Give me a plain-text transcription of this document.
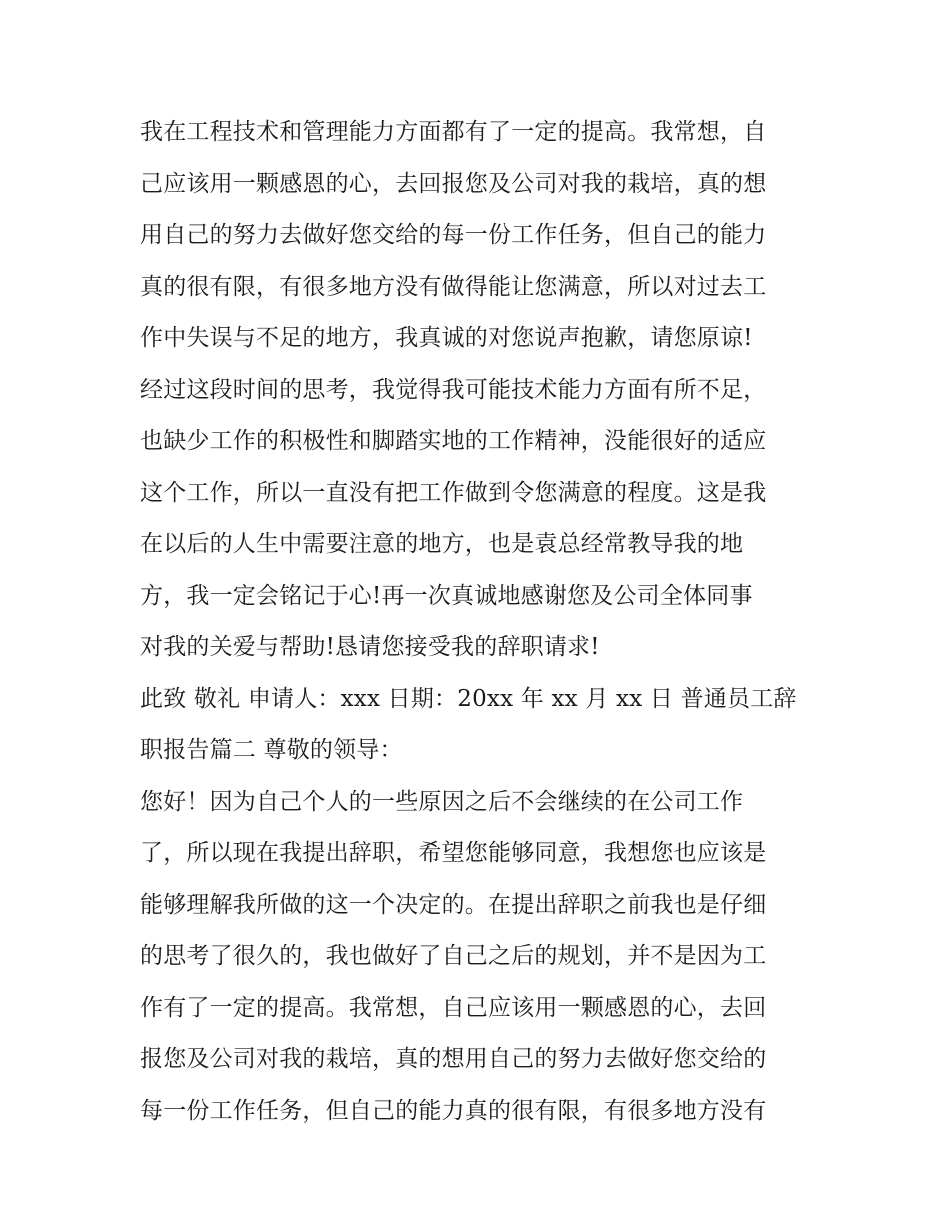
我在工程技术和管理能力方面都有了一定的提高。我常想，自
己应该用一颗感恩的心，去回报您及公司对我的栽培，真的想
用自己的努力去做好您交给的每一份工作任务，但自己的能力
真的很有限，有很多地方没有做得能让您满意，所以对过去工
作中失误与不足的地方，我真诚的对您说声抱歉，请您原谅!
经过这段时间的思考，我觉得我可能技术能力方面有所不足，
也缺少工作的积极性和脚踏实地的工作精神，没能很好的适应
这个工作，所以一直没有把工作做到令您满意的程度。这是我
在以后的人生中需要注意的地方，也是袁总经常教导我的地
方，我一定会铭记于心!再一次真诚地感谢您及公司全体同事
对我的关爱与帮助!恳请您接受我的辞职请求!
此致 敬礼 申请人：xxx 日期：20xx 年 xx 月 xx 日 普通员工辞
职报告篇二 尊敬的领导：
您好！因为自己个人的一些原因之后不会继续的在公司工作
了，所以现在我提出辞职，希望您能够同意，我想您也应该是
能够理解我所做的这一个决定的。在提出辞职之前我也是仔细
的思考了很久的，我也做好了自己之后的规划，并不是因为工
作有了一定的提高。我常想，自己应该用一颗感恩的心，去回
报您及公司对我的栽培，真的想用自己的努力去做好您交给的
每一份工作任务，但自己的能力真的很有限，有很多地方没有
